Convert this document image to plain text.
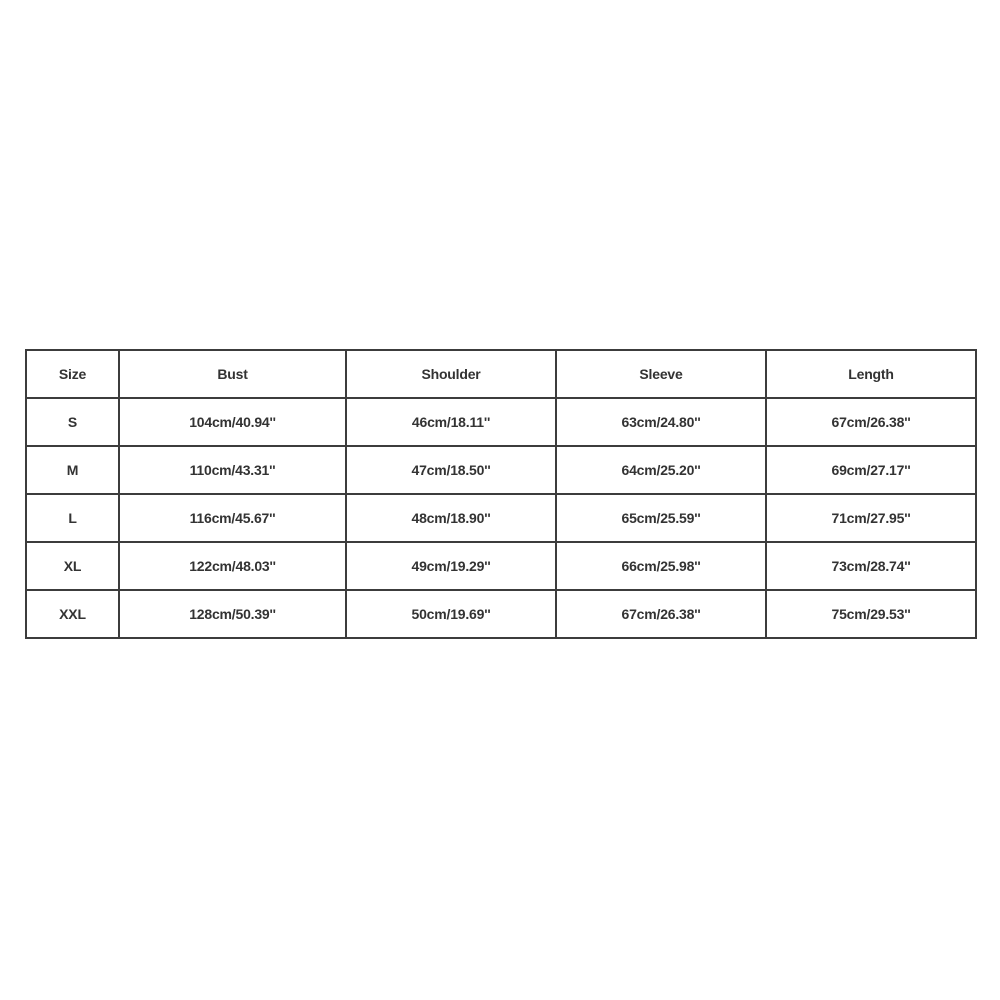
Size	Bust	Shoulder	Sleeve	Length
S	104cm/40.94''	46cm/18.11''	63cm/24.80''	67cm/26.38''
M	110cm/43.31''	47cm/18.50''	64cm/25.20''	69cm/27.17''
L	116cm/45.67''	48cm/18.90''	65cm/25.59''	71cm/27.95''
XL	122cm/48.03''	49cm/19.29''	66cm/25.98''	73cm/28.74''
XXL	128cm/50.39''	50cm/19.69''	67cm/26.38''	75cm/29.53''
